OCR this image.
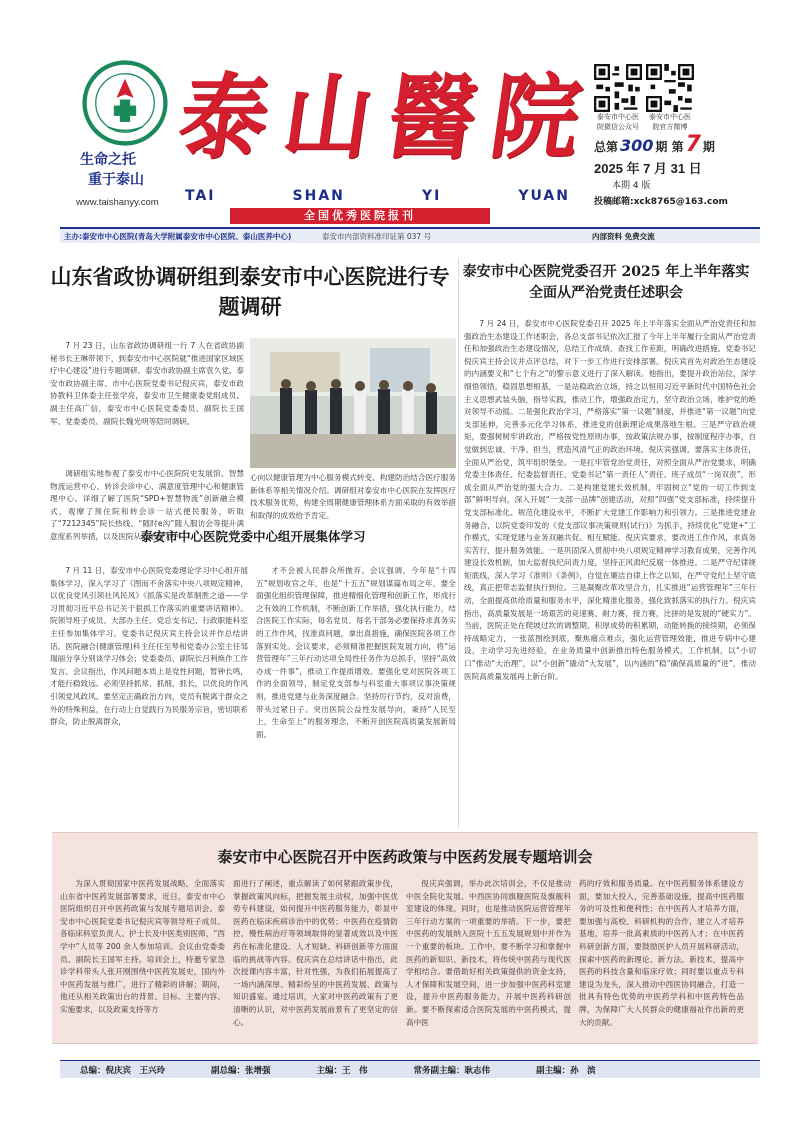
生命之托
重于泰山
www.taishanyy.com
泰 山 醫 院
TAI	SHAN	YI	YUAN
泰安市中心医院微信公众号
泰安市中心医院官方微博
总第 300 期 第7 期
2025 年 7 月 31 日
本期 4 版
投稿邮箱:xck8765@163.com
全国优秀医院报刊
主办:泰安市中心医院(青岛大学附属泰安市中心医院、泰山医养中心)	泰安市内部资料准印证第 037 号	内部资料 免费交流
山东省政协调研组到泰安市中心医院进行专题调研

7 月 23 日，山东省政协调研组一行 7 人在省政协副秘书长王琳带领下，到泰安市中心医院就“推进国家区域医疗中心建设”进行专题调研。泰安市政协副主席袁久党、泰安市政协副主席、市中心医院党委书记倪庆宾，泰安市政协教科卫体委主任张学亮，泰安市卫生健康委党组成员、副主任高广信，泰安市中心医院党委委员、副院长王国军、党委委员、副院长魏光明等陪同调研。

调研组实地参观了泰安市中心医院院史发展馆、智慧物流运营中心、转诊会诊中心、满意度管理中心和健康管理中心。详细了解了医院“SPD+智慧物流”创新融合模式，观摩了预住院和转会诊一站式便民服务，听取了“7212345”院长热线、“随时e沟”随人服访会等提升满意度系列举措，以及医院从以治病为中

心向以健康管理为中心服务模式转变、构建防治结合医疗服务新体系等相关情况介绍。调研组对泰安市中心医院在发挥医疗技术服务优势，构建全周期健康管理体系方面采取的有效举措和取得的成效给予肯定。

泰安市中心医院党委中心组开展集体学习

7 月 11 日，泰安市中心医院党委理论学习中心组开展集体学习，深入学习了《图而不舍落实中央八项规定精神，以优良党风引领社风民风》《抓落实是改革制胜之道——学习贯彻习近平总书记关于狠抓工作落实的重要讲话精神》。院领导班子成员、大部办主任、党总支书记、行政职能科室主任参加集体学习。党委书记倪庆宾主持会议并作总结讲话。医院融合(健康管理)科主任任至琴和党委办公室主任邹瑞丽分享分别谈学习体会；党委委员、副院长吕利焕作工作发言。会议指出，作风问题本质上是党性问题，暂钟长鸣，才能行稳致远。必须坚持抓常、抓细、抓长，以优良的作风引领党风政风。要坚定正确政治方向，党员有脱离于群众之外的特殊利益，在行动上自觉践行为民服务宗旨，密切联系群众，防止脱离群众，

才不会被人民群众所抛弃。会议强调，今年是“十四五”规划收官之年，也是“十五五”规划谋篇布局之年，要全面强化组织管理保障，推进精细化管理和创新工作，形成行之有效的工作机制，不断创新工作举措，强化执行能力，结合医院工作实际，每名党员、每名干部务必要保持求真务实的工作作风，找准真问题，拿出真措施，确保医院各项工作落到实处。会议要求，必须精准把握医院发展方向，将“运营管理年”三年行动达项全局性任务作为总抓手，坚持“高效办成一件事”，推动工作提质增效。要强化党对医院各项工作的全面领导，制定党支部参与科室重大事项议事决策规则，推进党建与业务深度融合。坚持厉行节约，反对浪费，带头过紧日子。突出医院公益性发展导向，秉持“人民至上，生命至上”的服务理念，不断开创医院高质量发展新局面。

泰安市中心医院党委召开 2025 年上半年落实全面从严治党责任述职会

7 月 24 日，泰安市中心医院党委召开 2025 年上半年落实全面从严治党责任和加强政治生态建设工作述职会，各总支部书记依次汇报了今年上半年履行全面从严治党责任和加强政治生态建设情况，总结工作成绩、查找工作差距，明确改进措施。党委书记倪庆宾主持会议并点评总结，对下一步工作进行安排部署。倪庆宾首先对政治生态建设的内涵要义和“七个有之”的警示意义进行了深入解读。他指出，要提升政治站位，深学细悟领悟，稳固思想根基，一是站稳政治立场，持之以恒用习近平新时代中国特色社会主义思想武装头脑，指导实践，推动工作，增强政治定力，坚守政治立场，维护党的绝对领导不动摇。二是强化政治学习，严格落实“第一议题”制度，并推进“第一议题”向党支部延伸，完善多元化学习体系，推进党的创新理论成果落地生根。三是严守政治规矩，要强树树牢讲政治，严格按党性原则办事，按政策法规办事，按制度程序办事，自觉做到忠诚、干净、担当，营造风清气正的政治环境。倪庆宾强调，要落实主体责任，全面从严治党，筑牢组织堡垒。一是扛牢管党治党责任，对照全面从严治党要求，明确党委主体责任、纪委监督责任、党委书记“第一责任人”责任、班子成员“一岗双责”，形成全面从严治党的强大合力。二是构建党建长效机制，牢固树立“党的一切工作到支部”鲜明导向，深入开展“一支部一品牌”创建活动，对照“四强”党支部标准，持续提升党支部标准化、规范化建设水平，不断扩大党建工作影响力和引领力。三是推进党建业务融合，以院党委印发的《党支部议事决策规则(试行)》为抓手，持续优化“党建+”工作模式，实现党建与业务双融共促、相互赋能。倪庆宾要求，要改进工作作风，求真务实苦行，提升服务效能。一是巩固深入贯彻中央八项规定精神学习教育成果，完善作风建设长效机制，加大监督执纪问责力度，坚持正风肃纪反腐一体推进。二是严守纪律规矩底线，深入学习《准则》《条例》，自觉在廉洁自律上作之以知，在严守党纪上坚守底线，真正把带志监督执行到位。三是凝聚改革攻坚合力，扎实推进“运营管理年”三年行动，全面提高供给质量和服务水平，深化精准化服务，强化致抓落实的执行力。倪庆宾指出，高质量发展是一场艰苦的竞速赛、耐力赛，接力赛，比拼的是发展的“硬实力”。当前，医院正处在爬坡过坎的调整期，积厚成势的积累期，动能转换的接续期，必须保持战略定力，一张蓝图绘到底，聚焦痛点难点，强化运营管理效能，推进专病中心建设，主动学习先进经验，在业务质量中创新推出特色服务模式，工作机制，以“小切口”推动“大治理”，以“小创新”撬动“大发展”，以内涵的“稳”确保高质量的“进”，推动医院高质量发展再上新台阶。

泰安市中心医院召开中医药政策与中医药发展专题培训会

为深入贯彻国家中医药发展战略，全面落实山东省中医药发展部署要求，近日，泰安市中心医院组织召开中医药政策与发展专题培训会。泰安市中心医院党委书记倪庆宾等领导班子成员、各临床科室负责人、护士长及中医类别医师，“西学中”人员等 200 余人参加培训。会议由党委委员、副院长王国军主持。培训会上，特邀专家急诊学科带头人张开刚围绕中医药发展史，国内外中医药发展与推广，进行了精彩的讲解；期间，他还从相关政策出台的背景、目标、主要内容、实施要求，以及政策支持等方

面进行了阐述，重点解读了如何紧跟政策步伐，掌握政策风向标，把握发展主动权，加强中医优势专科建设，如何提升中医药服务能力，彰显中医药在临床疾病诊治中的优势；中医药在疫情防控、慢性病治疗等领域取得的显著成效以及中医药在标准化建设、人才短缺、科研创新等方面面临的挑战等内容。倪庆宾在总结讲话中指出，此次授课内容丰富，针对性强，为我们拓展提高了一场内涵深厚、精彩纷呈的中医药发展、政策与知识盛宴。通过培训，大家对中医药政策有了更清晰的认识，对中医药发展前景有了更坚定的信心。

倪庆宾强调，举办此次培训会，不仅是推动中医全院化发展、中西医协同旗舰医院及旗舰科室建设的体现。同时，也是推动医院运营管理年三年行动方案的一项重要的举措。下一步，要把中医药的发展纳入医院十五五发展规划中并作为一个重要的板块。工作中，要不断学习和掌握中医药的新知识、新技术，将传统中医药与现代医学相结合。要借助好相关政策提供的资金支持，人才保障和发展空间，进一步加强中医药科室建设，提升中医药服务能力，开展中医药科研创新。要不断探索适合医院发展的中医药模式，提高中医

药的疗效和服务质量。在中医药服务体系建设方面，要加大投入，完善基础设施，提高中医药服务的可及性和便利性；在中医药人才培养方面，要加强与高校、科研机构的合作，建立人才培养基地，培养一批高素质的中医药人才；在中医药科研创新方面，要鼓励医护人员开展科研活动，探索中医药的新理论、新方法、新技术，提高中医药的科技含量和临床疗效；同时要以重点专科建设为龙头，深入推动中西医协同融合，打造一批具有特色优势的中医药学科和中医药特色品牌，为保障广大人民群众的健康福祉作出新的更大的贡献。

总编：倪庆宾　王兴玲	副总编：张增强	主编：王　伟	常务副主编：耿志伟	副主编：孙　滨
